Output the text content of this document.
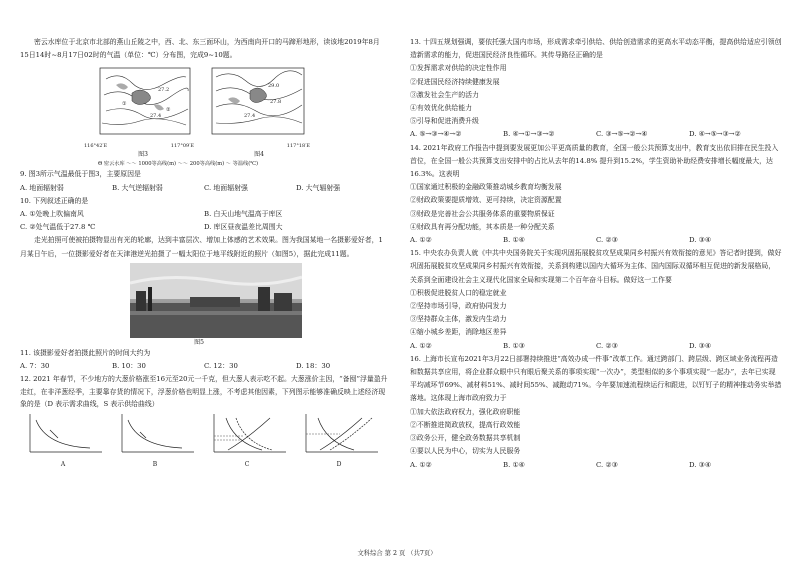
密云水库位于北京市北部的燕山丘陵之中，西、北、东三面环山，为西南向开口的马蹄形地形，读该地2019年8月15日14时~8月17日02时的气温（单位：℃）分布图，完成9~10题。

27.2
27.4
①
②
116°42′E	117°09′E
图3
29.0
27.8
27.4
117°18′E
图4
Θ 密云水库 ～～ 1000等高线(m) ～～ 200等高线(m) ～ 等温线(℃)

9. 图3所示气温最低于图3，主要原因是

A. 地面辐射弱	B. 大气逆辐射弱	C. 地面辐射强	D. 大气辐射强

10. 下列叙述正确的是

A. ①处晚上吹偏南风	B. 白天山地气温高于库区
C. ②处气温低于27.8 ℃	D. 库区昼夜温差比周围大

走光拍照可使被拍摄物显出有光的轮廓，达到丰富层次、增加上体感的艺术效果。图为我国某地一名摄影爱好者，1月某日午后，一位摄影爱好者在天津港逆光拍摄了一幅太阳位于地平线附近的照片（如图5），据此完成11题。

图5

11. 该摄影爱好者拍摄此照片的时间大约为

A. 7：30	B. 10：30	C. 12：30	D. 18：30

12. 2021 年春节，不少地方的大葱价格涨至16元至20元一千克，但大葱人表示吃不起。大葱涨价主因，“备囤”浮量盈升走红，在非洋葱经季，主要靠存货的情况下，浮葱价格也明显上涨，不考虑其他因素，下列图示能够准确反映上述经济现象的是（D 表示需求曲线，S 表示供给曲线）

A	B	C	D

13. 十四五规划强调，要依托强大国内市场，形成需求牵引供给、供给创造需求的更高水平动态平衡，提高供给适应引领创造新需求的能力，促进国民经济良性循环。其传导路径正确的是

①发挥需求对供给的决定性作用

②促进国民经济持续健康发展

③激发社会生产的活力

④有效优化供给能力

⑤引导和促进消费升级

A. ⑤→③→④→②	B. ④→①→③→②	C. ③→⑤→②→④	D. ④→⑤→③→②

14. 2021年政府工作报告中提到要发展更加公平更高质量的教育，全国一般公共预算支出中，教育支出依旧排在民生投入首位，在全国一般公共预算支出安排中的占比从去年的14.8% 提升到15.2%，学生资助补助经费安排增长幅度最大，达16.3%。这表明

①国家通过积极的金融政策推动城乡教育均衡发展

②财政政策要提质增效、更可持续，决定资源配置

③财政是完善社会公共服务体系的重要物质保证

④财政具有再分配功能，其本质是一种分配关系

A. ①②	B. ①④	C. ②③	D. ③④

15. 中央农办负责人就《中共中央国务院关于实现巩固拓展脱贫攻坚成果同乡村振兴有效衔接的意见》答记者时提到，做好巩固拓展脱贫攻坚成果同乡村振兴有效衔接，关系到构建以国内大循环为主体、国内国际双循环相互促进的新发展格局，关系到全面建设社会主义现代化国家全局和实现第二个百年奋斗目标。做好这一工作要

①积极促进脱贫人口的稳定就业

②坚持市场引导，政府协同发力

③坚持群众主体，激发内生动力

④缩小城乡差距，消除地区差异

A. ①②	B. ①③	C. ②③	D. ③④

16. 上海市长宣布2021年3月22日部署持续推进“高效办成一件事”改革工作。通过跨部门、跨层级、跨区域业务流程再造和数据共享应用，将企业群众眼中只有眼后聚关系的事项实现“一次办”，类型相似的多个事项实现“一起办”，去年已实现平均减环节69%、减材料51%、减时间55%、减跑动71%。今年要加速流程续运行和跟进，以钉钉子的精神推动务实举措落地。这体现上海市政府致力于

①加大依法政府权力，强化政府职能

②不断推进简政放权，提高行政效能

③政务公开，健全政务数据共享机制

④要以人民为中心，切实为人民服务

A. ①②	B. ①④	C. ②③	D. ③④
文科综合 第 2 页 （共7页）
